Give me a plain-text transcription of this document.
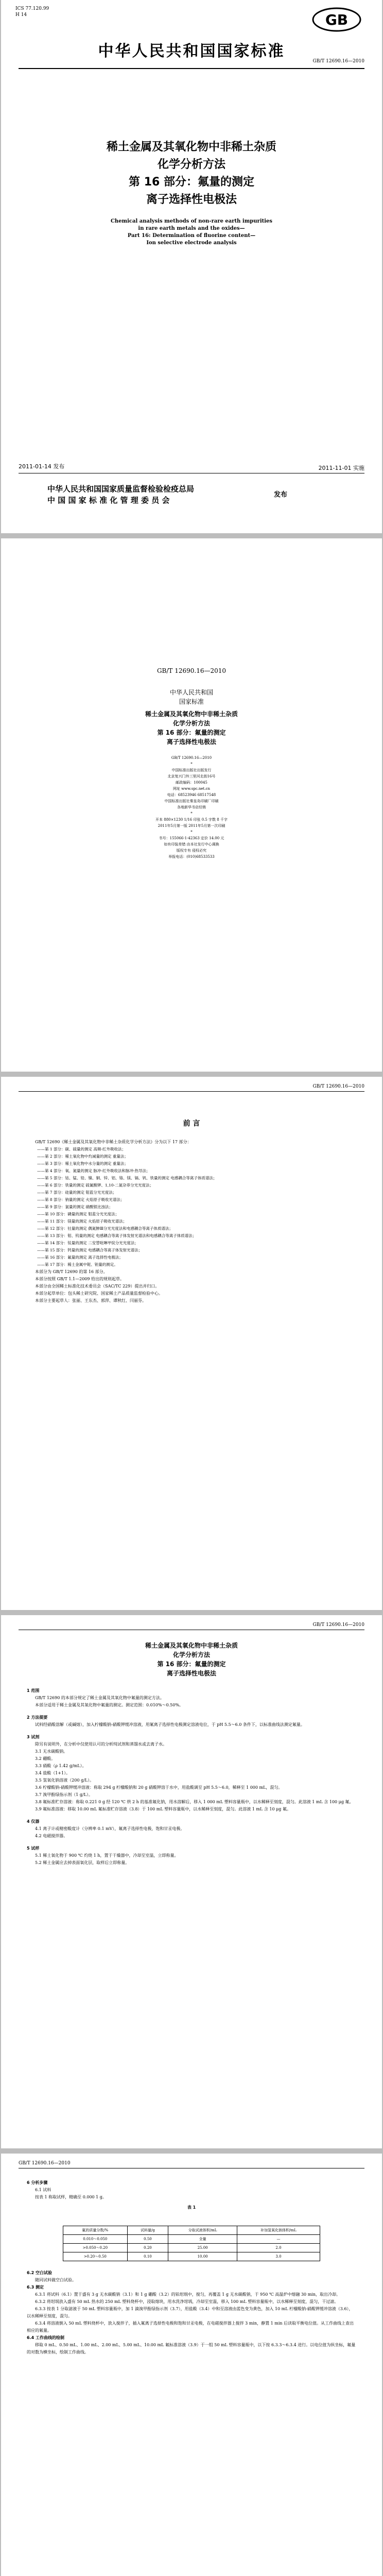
ICS 77.120.99
H 14	GB
中华人民共和国国家标准
GB/T 12690.16—2010
稀土金属及其氧化物中非稀土杂质
化学分析方法
第 16 部分：氟量的测定
离子选择性电极法
Chemical analysis methods of non-rare earth impurities
in rare earth metals and the oxides—
Part 16: Determination of fluorine content—
Ion selective electrode analysis
2011-01-14 发布	2011-11-01 实施
中华人民共和国国家质量监督检验检疫总局
中 国 国 家 标 准 化 管 理 委 员 会
发布
GB/T 12690.16—2010
中华人民共和国
国家标准
稀土金属及其氧化物中非稀土杂质
化学分析方法
第 16 部分：氟量的测定
离子选择性电极法
GB/T 12690.16—2010
*
中国标准出版社出版发行
北京复兴门外三里河北街16号
邮政编码：100045
网址 www.spc.net.cn
电话：68523946 68517548
中国标准出版社秦皇岛印刷厂印刷
各地新华书店经销
*
开本 880×1230 1/16 印张 0.5 字数 8 千字
2011年5月第一版 2011年5月第一次印刷
*
书号：155066·1-42363 定价 14.00 元
如有印装差错 由本社发行中心调换
版权专有 侵权必究
举报电话：(010)68533533
GB/T 12690.16—2010
前 言

GB/T 12690《稀土金属及其氧化物中非稀土杂质化学分析方法》分为以下 17 部分：

——第 1 部分：碳、硫量的测定 高频-红外吸收法；
——第 2 部分：稀土氧化物中灼减量的测定 重量法；
——第 3 部分：稀土氧化物中水分量的测定 重量法；
——第 4 部分：氧、氮量的测定 脉冲-红外吸收法和脉冲-热导法；
——第 5 部分：钴、锰、铅、镍、铜、锌、铝、铬、镁、镉、钒、铁量的测定 电感耦合等离子体质谱法；
——第 6 部分：铁量的测定 硫氰酸钾、1,10-二氮杂菲分光光度法；
——第 7 部分：硅量的测定 钼蓝分光光度法；
——第 8 部分：钠量的测定 火焰原子吸收光谱法；
——第 9 部分：氯量的测定 硝酸银比浊法；
——第 10 部分：磷量的测定 钼蓝分光光度法；
——第 11 部分：镁量的测定 火焰原子吸收光谱法；
——第 12 部分：钍量的测定 偶氮胂Ⅲ分光光度法和电感耦合等离子体质谱法；
——第 13 部分：钼、钨量的测定 电感耦合等离子体发射光谱法和电感耦合等离子体质谱法；
——第 14 部分：钛量的测定 二安替吡啉甲烷分光光度法；
——第 15 部分：钙量的测定 电感耦合等离子体发射光谱法；
——第 16 部分：氟量的测定 离子选择性电极法；
——第 17 部分：稀土金属中铌、钽量的测定。

本部分为 GB/T 12690 的第 16 部分。

本部分按照 GB/T 1.1—2009 给出的规则起草。

本部分由全国稀土标准化技术委员会（SAC/TC 229）提出并归口。

本部分起草单位：包头稀土研究院、国家稀土产品质量监督检验中心。

本部分主要起草人：张丽、王东杰、郭萍、谭秋红、闫丽芬。

GB/T 12690.16—2010
稀土金属及其氧化物中非稀土杂质
化学分析方法
第 16 部分：氟量的测定
离子选择性电极法

1 范围

GB/T 12690 的本部分规定了稀土金属及其氧化物中氟量的测定方法。

本部分适用于稀土金属及其氧化物中氟量的测定。测定范围：0.010%～0.50%。

2 方法提要

试料经硝酸溶解（或碱熔），加入柠檬酸钠-硝酸钾缓冲溶液，用氟离子选择性电极测定溶液电位，于 pH 5.5～6.0 条件下，以标准曲线法测定氟量。

3 试剂

除另有说明外，在分析中仅使用认可的分析纯试剂和蒸馏水或去离子水。

3.1 无水碳酸钠。

3.2 硼酸。

3.3 硝酸（ρ 1.42 g/mL）。

3.4 盐酸（1+1）。

3.5 氢氧化钠溶液（200 g/L）。

3.6 柠檬酸钠-硝酸钾缓冲溶液：称取 294 g 柠檬酸钠和 20 g 硝酸钾溶于水中，用盐酸调至 pH 5.5～6.0，稀释至 1 000 mL，混匀。

3.7 溴甲酚绿指示剂（1 g/L）。

3.8 氟标准贮存溶液：称取 0.221 0 g 经 120 ℃ 烘 2 h 的基准氟化钠，用水溶解后，移入 1 000 mL 塑料容量瓶中，以水稀释至刻度，混匀。此溶液 1 mL 含 100 μg 氟。

3.9 氟标准溶液：移取 10.00 mL 氟标准贮存溶液（3.8）于 100 mL 塑料容量瓶中，以水稀释至刻度，混匀。此溶液 1 mL 含 10 μg 氟。

4 仪器

4.1 离子计或精密酸度计（分辨率 0.1 mV），氟离子选择性电极，饱和甘汞电极。

4.2 电磁搅拌器。

5 试样

5.1 稀土氧化物于 900 ℃ 灼烧 1 h，置于干燥器中，冷却至室温，立即称量。

5.2 稀土金属应去掉表面氧化层，取样后立即称量。

GB/T 12690.16—2010

6 分析步骤

6.1 试料

按表 1 称取试样，精确至 0.000 1 g。

表 1

氟的质量分数/%	试料量/g	分取试液体积/mL	补加氢氧化钠体积/mL
0.010～0.050	0.50	全量	—
>0.050～0.20	0.20	25.00	2.0
>0.20～0.50	0.10	10.00	3.0

6.2 空白试验

随同试料做空白试验。

6.3 测定

6.3.1 将试料（6.1）置于盛有 3 g 无水碳酸钠（3.1）和 1 g 硼酸（3.2）的铂坩埚中，搅匀，再覆盖 1 g 无水碳酸钠，于 950 ℃ 高温炉中熔融 30 min，取出冷却。

6.3.2 将坩埚放入盛有 50 mL 热水的 250 mL 塑料烧杯中，浸取熔块，用水洗净坩埚，冷却至室温，移入 100 mL 塑料容量瓶中，以水稀释至刻度，混匀，干过滤。

6.3.3 按表 1 分取滤液于 50 mL 塑料容量瓶中，加 1 滴溴甲酚绿指示剂（3.7），用盐酸（3.4）中和至溶液由蓝色变为黄色，加入 10 mL 柠檬酸钠-硝酸钾缓冲溶液（3.6），以水稀释至刻度，混匀。

6.3.4 将溶液倒入 50 mL 塑料烧杯中，放入搅拌子，插入氟离子选择性电极和饱和甘汞电极，在电磁搅拌器上搅拌 3 min，静置 1 min 后读取平衡电位值。从工作曲线上查出相应的氟量。

6.4 工作曲线的绘制

移取 0 mL、0.50 mL、1.00 mL、2.00 mL、5.00 mL、10.00 mL 氟标准溶液（3.9）于一组 50 mL 塑料容量瓶中，以下按 6.3.3～6.3.4 进行。以电位值为纵坐标，氟量的对数为横坐标，绘制工作曲线。
